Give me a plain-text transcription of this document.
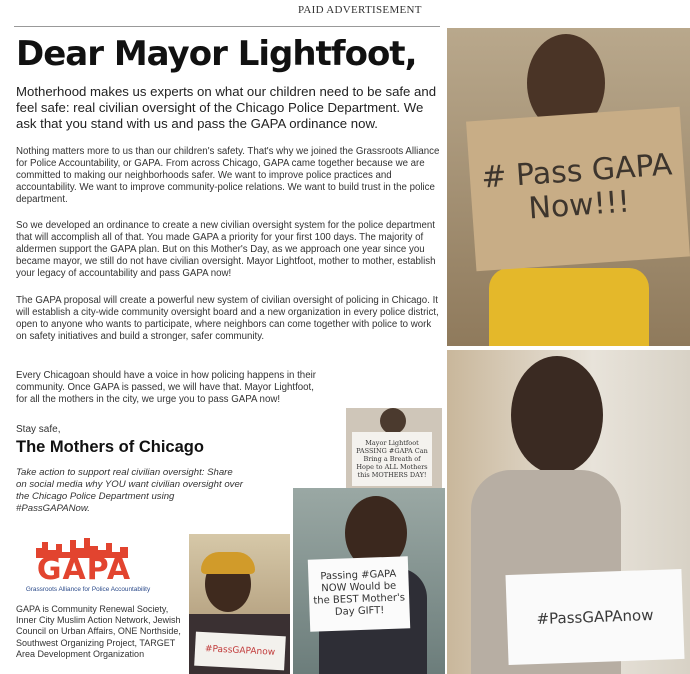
PAID ADVERTISEMENT
Dear Mayor Lightfoot,
Motherhood makes us experts on what our children need to be safe and feel safe: real civilian oversight of the Chicago Police Department. We ask that you stand with us and pass the GAPA ordinance now.

Nothing matters more to us than our children's safety. That's why we joined the Grassroots Alliance for Police Accountability, or GAPA. From across Chicago, GAPA came together because we are committed to making our neighborhoods safer. We want to improve police practices and accountability. We want to improve community-police relations. We want to build trust in the police department.

So we developed an ordinance to create a new civilian oversight system for the police department that will accomplish all of that. You made GAPA a priority for your first 100 days. The majority of aldermen support the GAPA plan. But on this Mother's Day, as we approach one year since you became mayor, we still do not have civilian oversight. Mayor Lightfoot, mother to mother, establish your legacy of accountability and pass GAPA now!

The GAPA proposal will create a powerful new system of civilian oversight of policing in Chicago. It will establish a city-wide community oversight board and a new organization in every police district, open to anyone who wants to participate, where neighbors can come together with police to work on safety initiatives and build a stronger, safer community.

Every Chicagoan should have a voice in how policing happens in their community. Once GAPA is passed, we will have that. Mayor Lightfoot, for all the mothers in the city, we urge you to pass GAPA now!

Stay safe,
The Mothers of Chicago

Take action to support real civilian oversight: Share on social media why YOU want civilian oversight over the Chicago Police Department using #PassGAPANow.

GAPA
Grassroots Alliance for Police Accountability

GAPA is Community Renewal Society, Inner City Muslim Action Network, Jewish Council on Urban Affairs, ONE Northside, Southwest Organizing Project, TARGET Area Development Organization

# Pass GAPA Now!!!
#PassGAPAnow
Mayor Lightfoot PASSING #GAPA Can Bring a Breath of Hope to ALL Mothers this MOTHERS DAY!
Passing #GAPA NOW Would be the BEST Mother's Day GIFT!
#PassGAPAnow
